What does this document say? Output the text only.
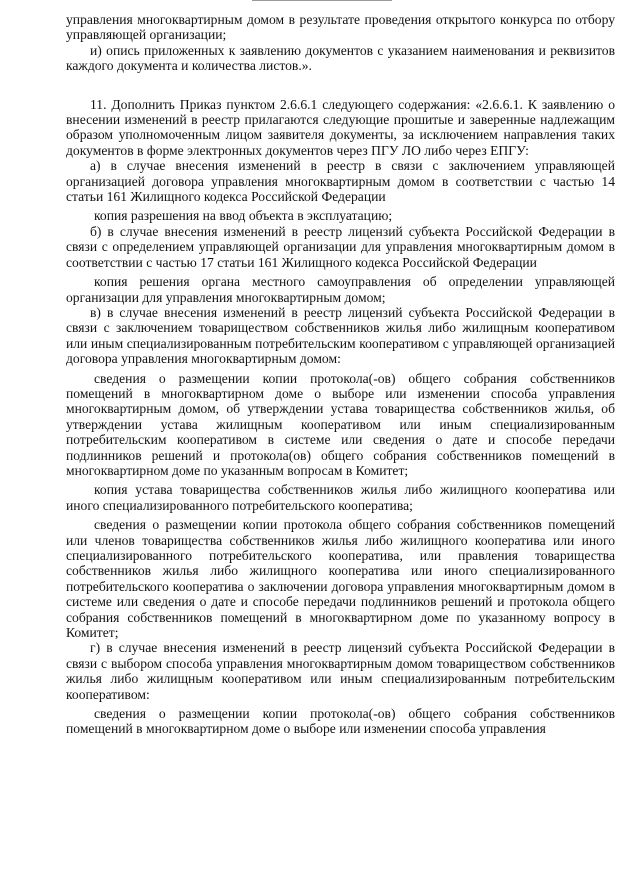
управления многоквартирным домом в результате проведения открытого конкурса по отбору управляющей организации;

и) опись приложенных к заявлению документов с указанием наименования и реквизитов каждого документа и количества листов.».

11. Дополнить Приказ пунктом 2.6.6.1 следующего содержания: «2.6.6.1. К заявлению о внесении изменений в реестр прилагаются следующие прошитые и заверенные надлежащим образом уполномоченным лицом заявителя документы, за исключением направления таких документов в форме электронных документов через ПГУ ЛО либо через ЕПГУ:

а) в случае внесения изменений в реестр в связи с заключением управляющей организацией договора управления многоквартирным домом в соответствии с частью 14 статьи 161 Жилищного кодекса Российской Федерации

копия разрешения на ввод объекта в эксплуатацию;

б) в случае внесения изменений в реестр лицензий субъекта Российской Федерации в связи с определением управляющей организации для управления многоквартирным домом в соответствии с частью 17 статьи 161 Жилищного кодекса Российской Федерации

копия решения органа местного самоуправления об определении управляющей организации для управления многоквартирным домом;

в) в случае внесения изменений в реестр лицензий субъекта Российской Федерации в связи с заключением товариществом собственников жилья либо жилищным кооперативом или иным специализированным потребительским кооперативом с управляющей организацией договора управления многоквартирным домом:

сведения о размещении копии протокола(-ов) общего собрания собственников помещений в многоквартирном доме о выборе или изменении способа управления многоквартирным домом, об утверждении устава товарищества собственников жилья, об утверждении устава жилищным кооперативом или иным специализированным потребительским кооперативом в системе или сведения о дате и способе передачи подлинников решений и протокола(ов) общего собрания собственников помещений в многоквартирном доме по указанным вопросам в Комитет;

копия устава товарищества собственников жилья либо жилищного кооператива или иного специализированного потребительского кооператива;

сведения о размещении копии протокола общего собрания собственников помещений или членов товарищества собственников жилья либо жилищного кооператива или иного специализированного потребительского кооператива, или правления товарищества собственников жилья либо жилищного кооператива или иного специализированного потребительского кооператива о заключении договора управления многоквартирным домом в системе или сведения о дате и способе передачи подлинников решений и протокола общего собрания собственников помещений в многоквартирном доме по указанному вопросу в Комитет;

г) в случае внесения изменений в реестр лицензий субъекта Российской Федерации в связи с выбором способа управления многоквартирным домом товариществом собственников жилья либо жилищным кооперативом или иным специализированным потребительским кооперативом:

сведения о размещении копии протокола(-ов) общего собрания собственников помещений в многоквартирном доме о выборе или изменении способа управления
